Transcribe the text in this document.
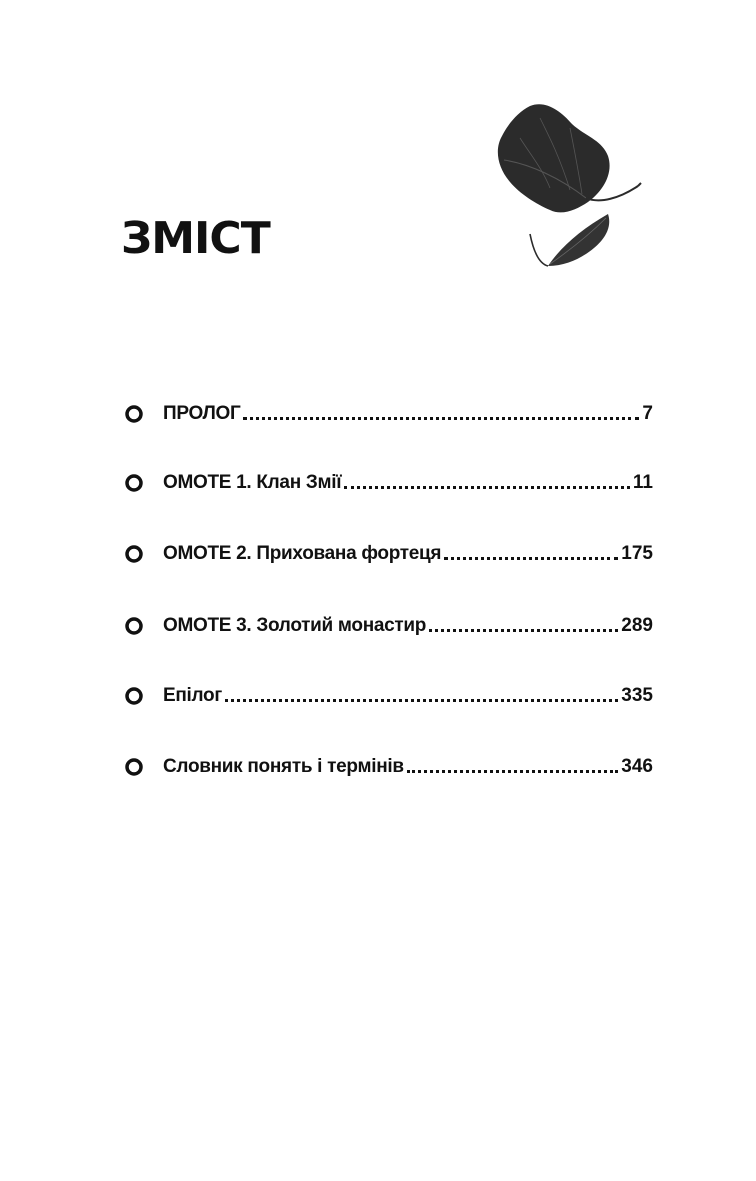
ЗМІСТ
ПРОЛОГ	7
ОМОТЕ 1. Клан Змії	11
ОМОТЕ 2. Прихована фортеця	175
ОМОТЕ 3. Золотий монастир	289
Епілог	335
Словник понять і термінів	346
